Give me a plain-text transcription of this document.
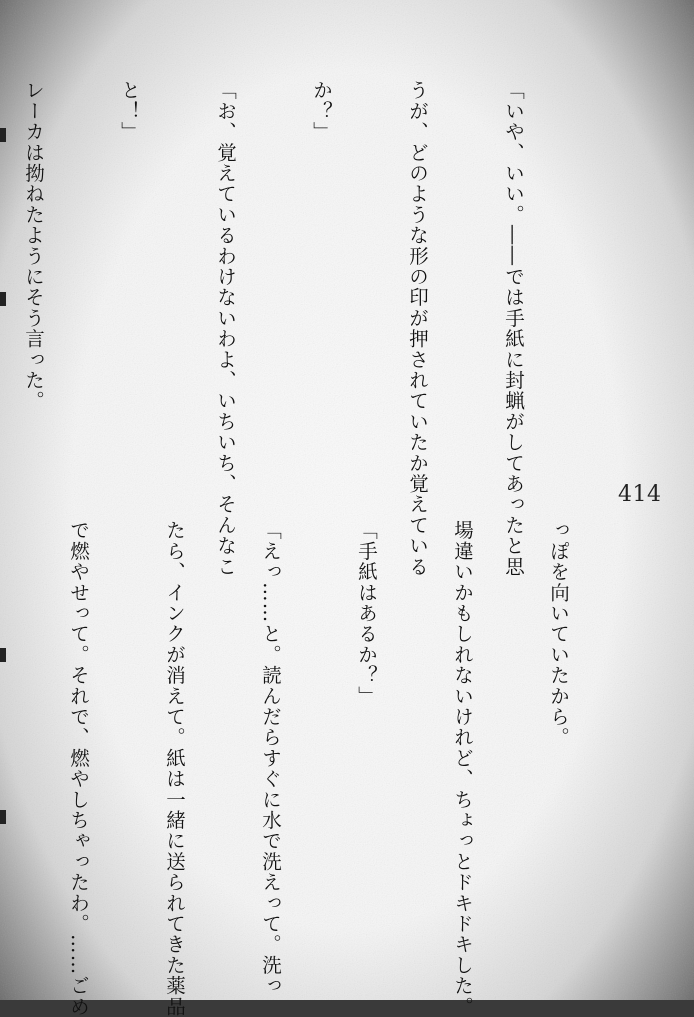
「いや、いい。――では手紙に封蝋がしてあったと思

うが、どのような形の印が押されていたか覚えている

か？」

「お、覚えているわけないわよ、いちいち、そんなこ

と！」

レーカは拗ねたようにそう言った。

414

っぽを向いていたから。

場違いかもしれないけれど、ちょっとドキドキした。

「手紙はあるか？」

「えっ……と。読んだらすぐに水で洗えって。洗っ

たら、インクが消えて。紙は一緒に送られてきた薬品

で燃やせって。それで、燃やしちゃったわ。……ごめ
